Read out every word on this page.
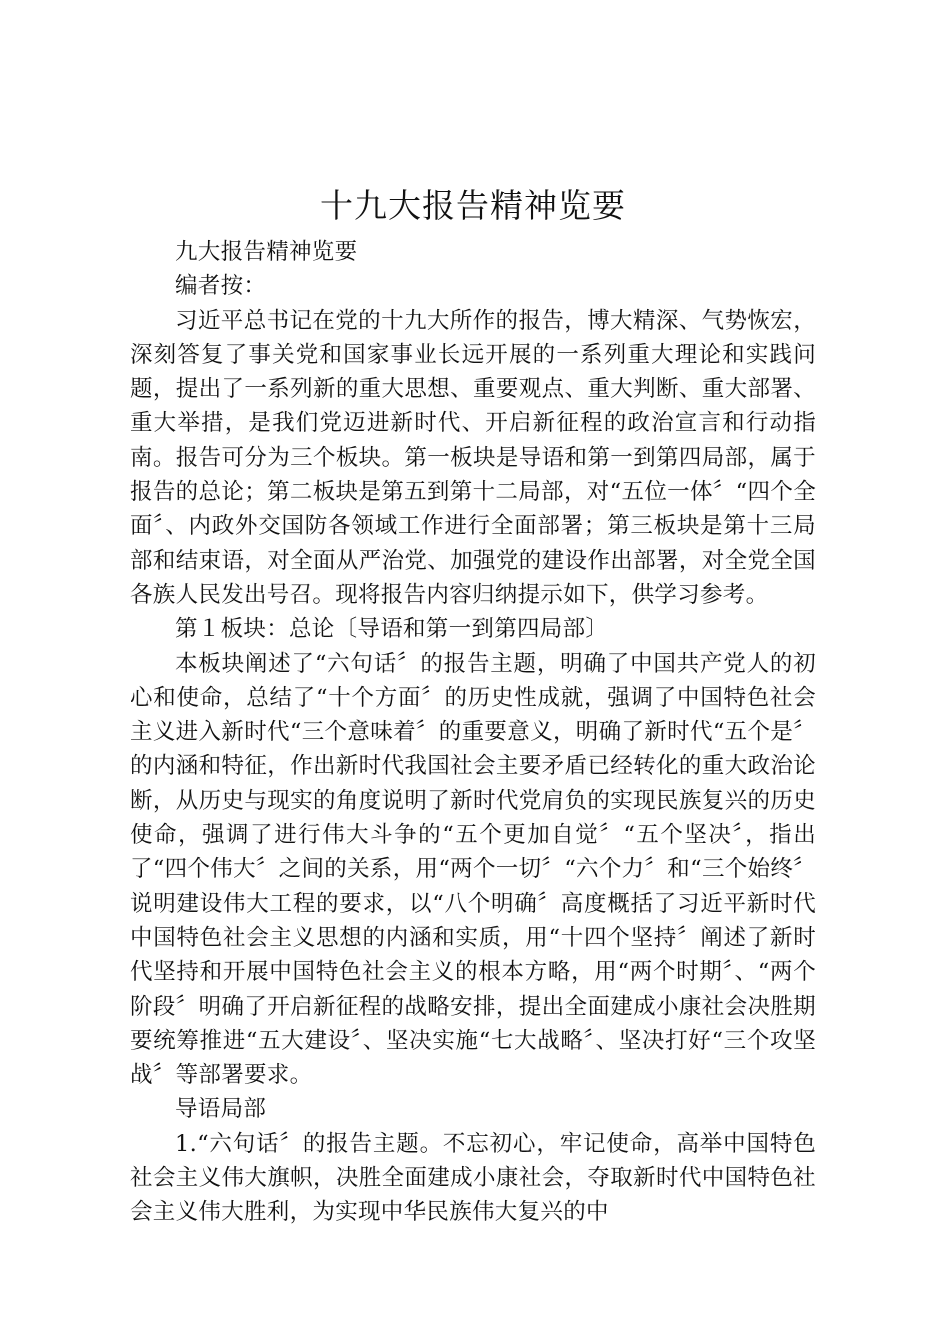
十九大报告精神览要

九大报告精神览要

编者按：

习近平总书记在党的十九大所作的报告，博大精深、气势恢宏，深刻答复了事关党和国家事业长远开展的一系列重大理论和实践问题，提出了一系列新的重大思想、重要观点、重大判断、重大部署、重大举措，是我们党迈进新时代、开启新征程的政治宣言和行动指南。报告可分为三个板块。第一板块是导语和第一到第四局部，属于报告的总论；第二板块是第五到第十二局部，对“五位一体〞“四个全面〞、内政外交国防各领域工作进行全面部署；第三板块是第十三局部和结束语，对全面从严治党、加强党的建设作出部署，对全党全国各族人民发出号召。现将报告内容归纳提示如下，供学习参考。

第１板块：总论〔导语和第一到第四局部〕

本板块阐述了“六句话〞的报告主题，明确了中国共产党人的初心和使命，总结了“十个方面〞的历史性成就，强调了中国特色社会主义进入新时代“三个意味着〞的重要意义，明确了新时代“五个是〞的内涵和特征，作出新时代我国社会主要矛盾已经转化的重大政治论断，从历史与现实的角度说明了新时代党肩负的实现民族复兴的历史使命，强调了进行伟大斗争的“五个更加自觉〞“五个坚决〞，指出了“四个伟大〞之间的关系，用“两个一切〞“六个力〞和“三个始终〞说明建设伟大工程的要求，以“八个明确〞高度概括了习近平新时代中国特色社会主义思想的内涵和实质，用“十四个坚持〞阐述了新时代坚持和开展中国特色社会主义的根本方略，用“两个时期〞、“两个阶段〞明确了开启新征程的战略安排，提出全面建成小康社会决胜期要统筹推进“五大建设〞、坚决实施“七大战略〞、坚决打好“三个攻坚战〞等部署要求。

导语局部

1.“六句话〞的报告主题。不忘初心，牢记使命，高举中国特色社会主义伟大旗帜，决胜全面建成小康社会，夺取新时代中国特色社会主义伟大胜利，为实现中华民族伟大复兴的中
